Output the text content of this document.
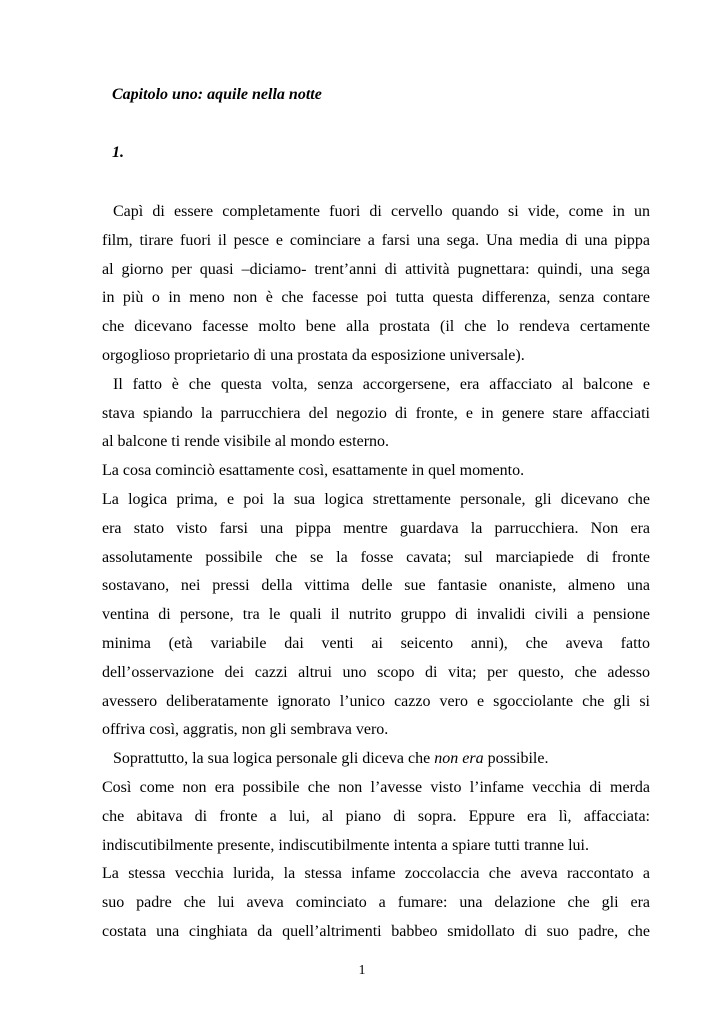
Capitolo uno: aquile nella notte
1.
Capì di essere completamente fuori di cervello quando si vide, come in un
film, tirare fuori il pesce e cominciare a farsi una sega. Una media di una pippa
al giorno per quasi –diciamo- trent’anni di attività pugnettara: quindi, una sega
in più o in meno non è che facesse poi tutta questa differenza, senza contare
che dicevano facesse molto bene alla prostata (il che lo rendeva certamente
orgoglioso proprietario di una prostata da esposizione universale).
Il fatto è che questa volta, senza accorgersene, era affacciato al balcone e
stava spiando la parrucchiera del negozio di fronte, e in genere stare affacciati
al balcone ti rende visibile al mondo esterno.
La cosa cominciò esattamente così, esattamente in quel momento.
La logica prima, e poi la sua logica strettamente personale, gli dicevano che
era stato visto farsi una pippa mentre guardava la parrucchiera. Non era
assolutamente possibile che se la fosse cavata; sul marciapiede di fronte
sostavano, nei pressi della vittima delle sue fantasie onaniste, almeno una
ventina di persone, tra le quali il nutrito gruppo di invalidi civili a pensione
minima (età variabile dai venti ai seicento anni), che aveva fatto
dell’osservazione dei cazzi altrui uno scopo di vita; per questo, che adesso
avessero deliberatamente ignorato l’unico cazzo vero e sgocciolante che gli si
offriva così, aggratis, non gli sembrava vero.
Soprattutto, la sua logica personale gli diceva che non era possibile.
Così come non era possibile che non l’avesse visto l’infame vecchia di merda
che abitava di fronte a lui, al piano di sopra. Eppure era lì, affacciata:
indiscutibilmente presente, indiscutibilmente intenta a spiare tutti tranne lui.
La stessa vecchia lurida, la stessa infame zoccolaccia che aveva raccontato a
suo padre che lui aveva cominciato a fumare: una delazione che gli era
costata una cinghiata da quell’altrimenti babbeo smidollato di suo padre, che

1
